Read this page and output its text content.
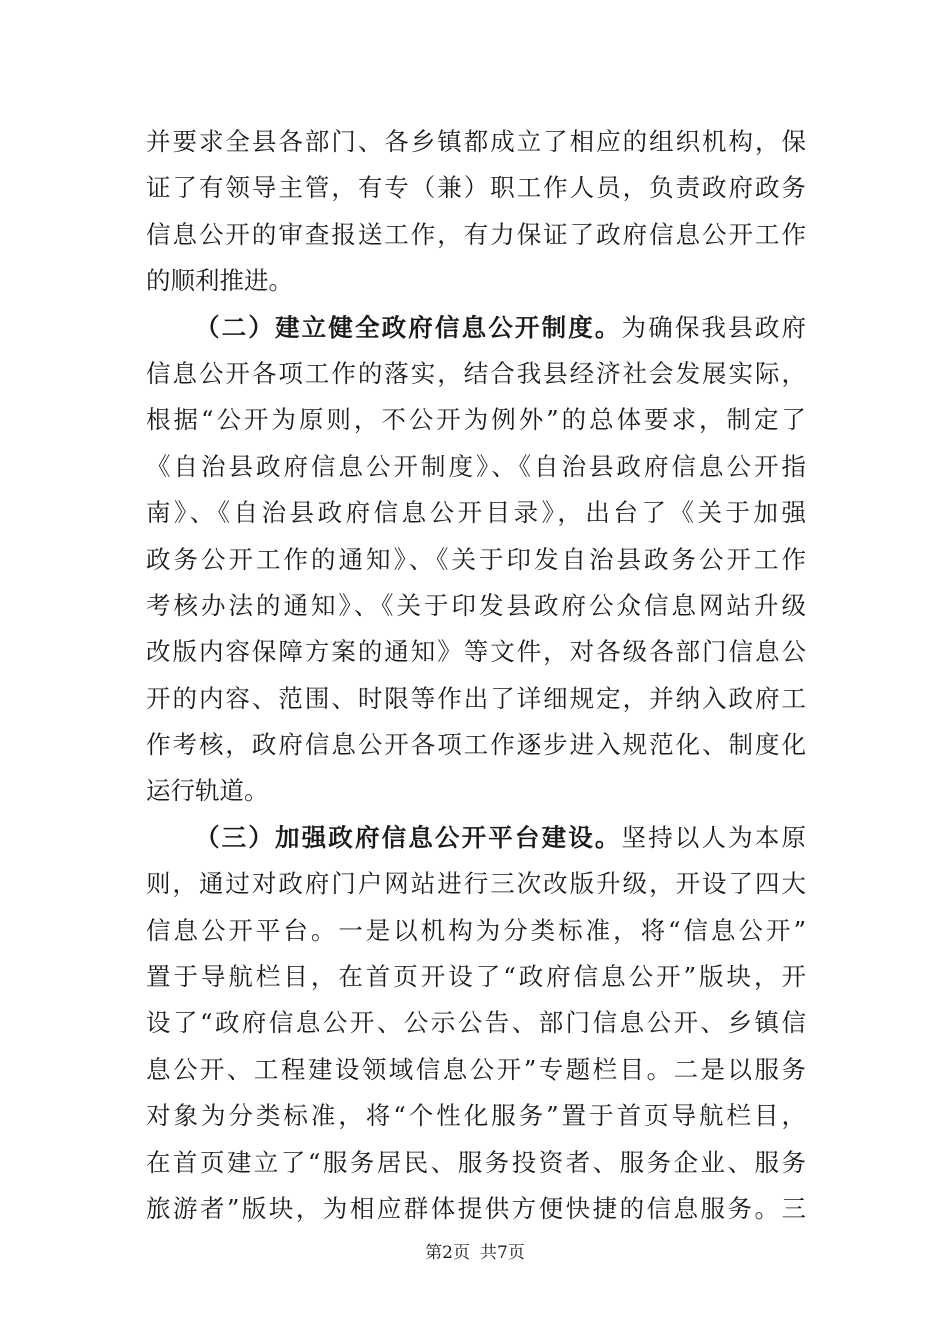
并要求全县各部门、各乡镇都成立了相应的组织机构，保
证了有领导主管，有专（兼）职工作人员，负责政府政务
信息公开的审查报送工作，有力保证了政府信息公开工作
的顺利推进。
（二）建立健全政府信息公开制度。为确保我县政府
信息公开各项工作的落实，结合我县经济社会发展实际，
根据“公开为原则，不公开为例外”的总体要求，制定了
《自治县政府信息公开制度》、《自治县政府信息公开指
南》、《自治县政府信息公开目录》，出台了《关于加强
政务公开工作的通知》、《关于印发自治县政务公开工作
考核办法的通知》、《关于印发县政府公众信息网站升级
改版内容保障方案的通知》等文件，对各级各部门信息公
开的内容、范围、时限等作出了详细规定，并纳入政府工
作考核，政府信息公开各项工作逐步进入规范化、制度化
运行轨道。
（三）加强政府信息公开平台建设。坚持以人为本原
则，通过对政府门户网站进行三次改版升级，开设了四大
信息公开平台。一是以机构为分类标准，将“信息公开”
置于导航栏目，在首页开设了“政府信息公开”版块，开
设了“政府信息公开、公示公告、部门信息公开、乡镇信
息公开、工程建设领域信息公开”专题栏目。二是以服务
对象为分类标准，将“个性化服务”置于首页导航栏目，
在首页建立了“服务居民、服务投资者、服务企业、服务
旅游者”版块，为相应群体提供方便快捷的信息服务。三
第2页 共7页
